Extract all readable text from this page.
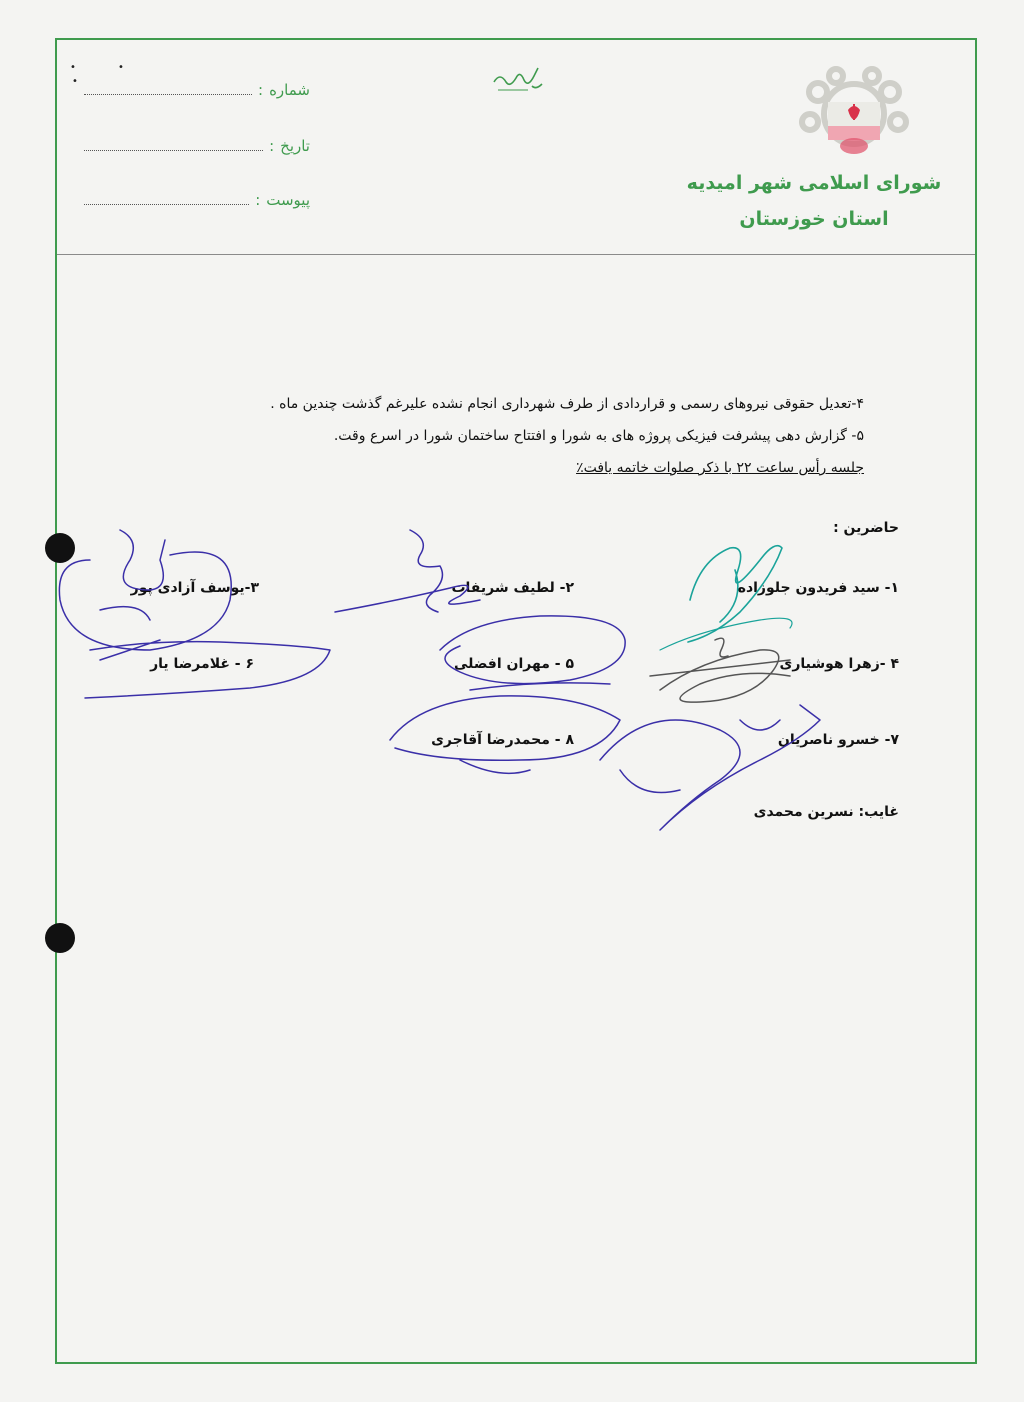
•	•
•	شماره
:
تاریخ
:
پیوست
:
شورای اسلامی شهر امیدیه
استان خوزستان
۴-تعدیل حقوقی نیروهای رسمی و قراردادی از طرف شهرداری انجام نشده علیرغم گذشت چندین ماه .
۵- گزارش دهی پیشرفت فیزیکی پروژه های به شورا و افتتاح ساختمان شورا در اسرع وقت.
جلسه رأس ساعت ۲۲ با ذکر صلوات خاتمه یافت٪
حاضرین :
۱- سید فریدون جلوزاده
۲- لطیف شریفات
۳-یوسف آزادی پور
۴ -زهرا هوشیاری
۵ - مهران افضلی
۶ - غلامرضا یار
۷- خسرو ناصریان
۸ - محمدرضا آقاجری
غایب: نسرین محمدی
